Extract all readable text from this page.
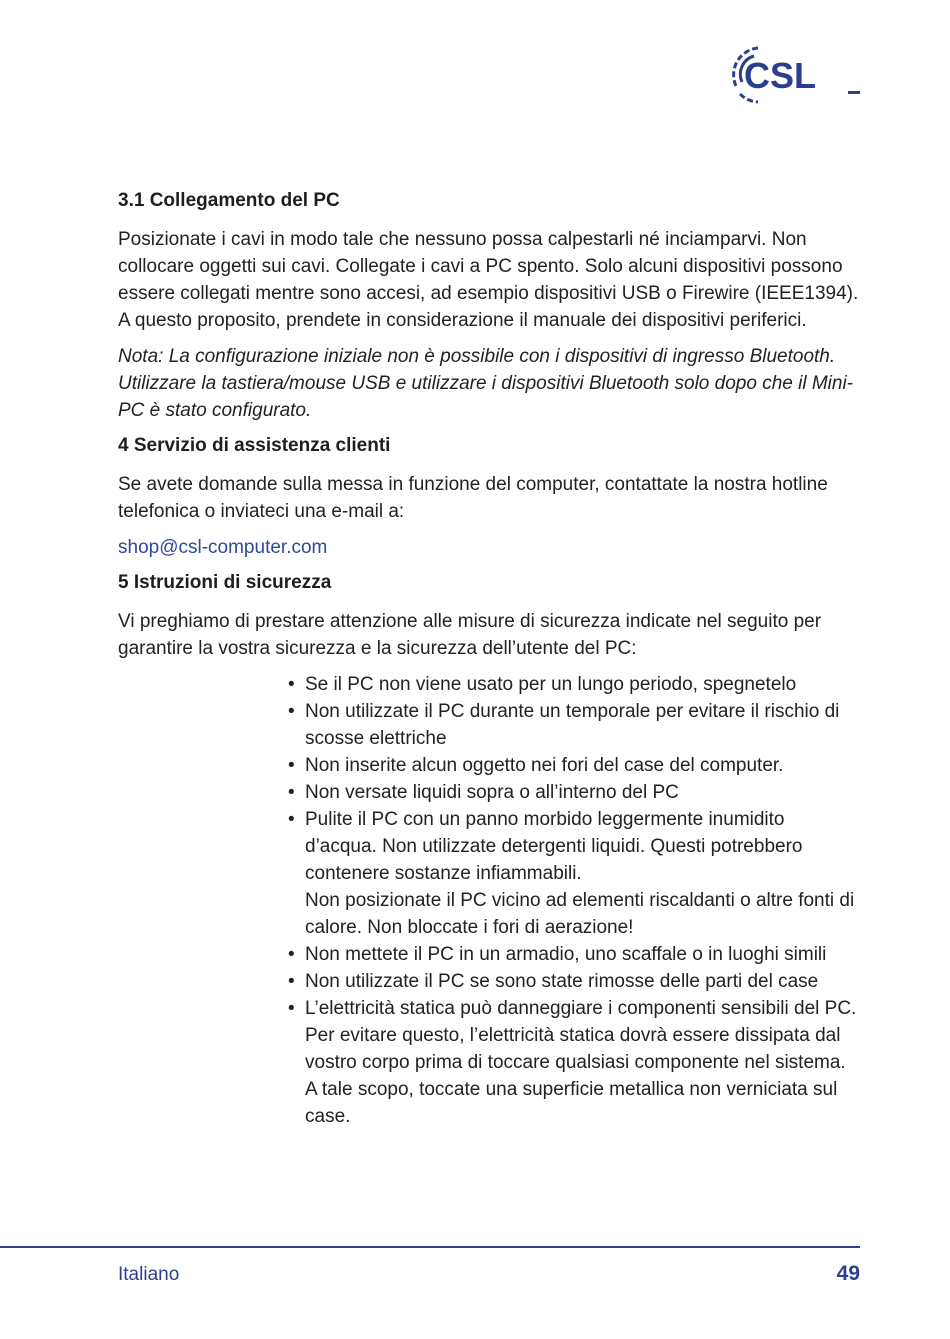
CSL
3.1 Collegamento del PC

Posizionate i cavi in modo tale che nessuno possa calpestarli né inciamparvi. Non collocare oggetti sui cavi. Collegate i cavi a PC spento. Solo alcuni dispositivi possono essere collegati mentre sono accesi, ad esempio dispositivi USB o Firewire (IEEE1394). A questo proposito, prendete in considerazione il manuale dei dispositivi periferici.

Nota: La configurazione iniziale non è possibile con i dispositivi di ingresso Bluetooth. Utilizzare la tastiera/mouse USB e utilizzare i dispositivi Bluetooth solo dopo che il Mini-PC è stato configurato.

4 Servizio di assistenza clienti

Se avete domande sulla messa in funzione del computer, contattate la nostra hotline telefonica o inviateci una e-mail a:

shop@csl-computer.com

5 Istruzioni di sicurezza

Vi preghiamo di prestare attenzione alle misure di sicurezza indicate nel seguito per garantire la vostra sicurezza e la sicurezza dell’utente del PC:

• Se il PC non viene usato per un lungo periodo, spegnetelo
• Non utilizzate il PC durante un temporale per evitare il rischio di scosse elettriche
• Non inserite alcun oggetto nei fori del case del computer.
• Non versate liquidi sopra o all’interno del PC
• Pulite il PC con un panno morbido leggermente inumidito d’acqua. Non utilizzate detergenti liquidi. Questi potrebbero contenere sostanze infiammabili.
Non posizionate il PC vicino ad elementi riscaldanti o altre fonti di calore. Non bloccate i fori di aerazione!
• Non mettete il PC in un armadio, uno scaffale o in luoghi simili
• Non utilizzate il PC se sono state rimosse delle parti del case
• L’elettricità statica può danneggiare i componenti sensibili del PC. Per evitare questo, l’elettricità statica dovrà essere dissipata dal vostro corpo prima di toccare qualsiasi componente nel sistema. A tale scopo, toccate una superficie metallica non verniciata sul case.
Italiano	49
